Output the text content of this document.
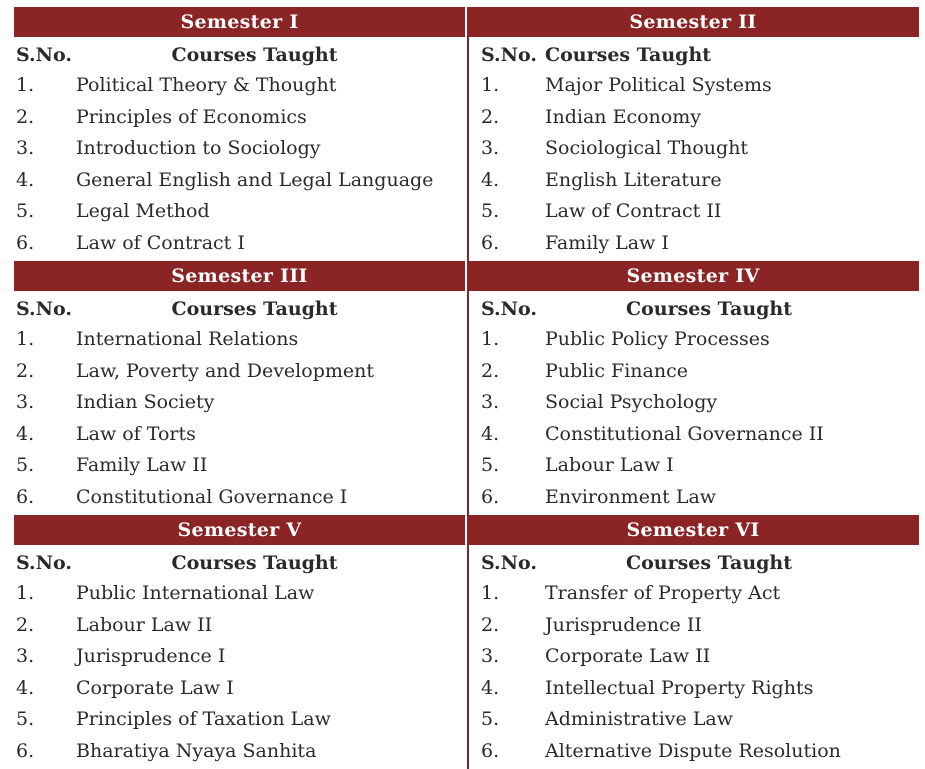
Semester I
S.No.	Courses Taught
1. Political Theory & Thought
2. Principles of Economics
3. Introduction to Sociology
4. General English and Legal Language
5. Legal Method
6. Law of Contract I
Semester II
S.No. Courses Taught
1. Major Political Systems
2. Indian Economy
3. Sociological Thought
4. English Literature
5. Law of Contract II
6. Family Law I
Semester III
S.No.	Courses Taught
1. International Relations
2. Law, Poverty and Development
3. Indian Society
4. Law of Torts
5. Family Law II
6. Constitutional Governance I
Semester IV
S.No.	Courses Taught
1. Public Policy Processes
2. Public Finance
3. Social Psychology
4. Constitutional Governance II
5. Labour Law I
6. Environment Law
Semester V
S.No.	Courses Taught
1. Public International Law
2. Labour Law II
3. Jurisprudence I
4. Corporate Law I
5. Principles of Taxation Law
6. Bharatiya Nyaya Sanhita
Semester VI
S.No.	Courses Taught
1. Transfer of Property Act
2. Jurisprudence II
3. Corporate Law II
4. Intellectual Property Rights
5. Administrative Law
6. Alternative Dispute Resolution
